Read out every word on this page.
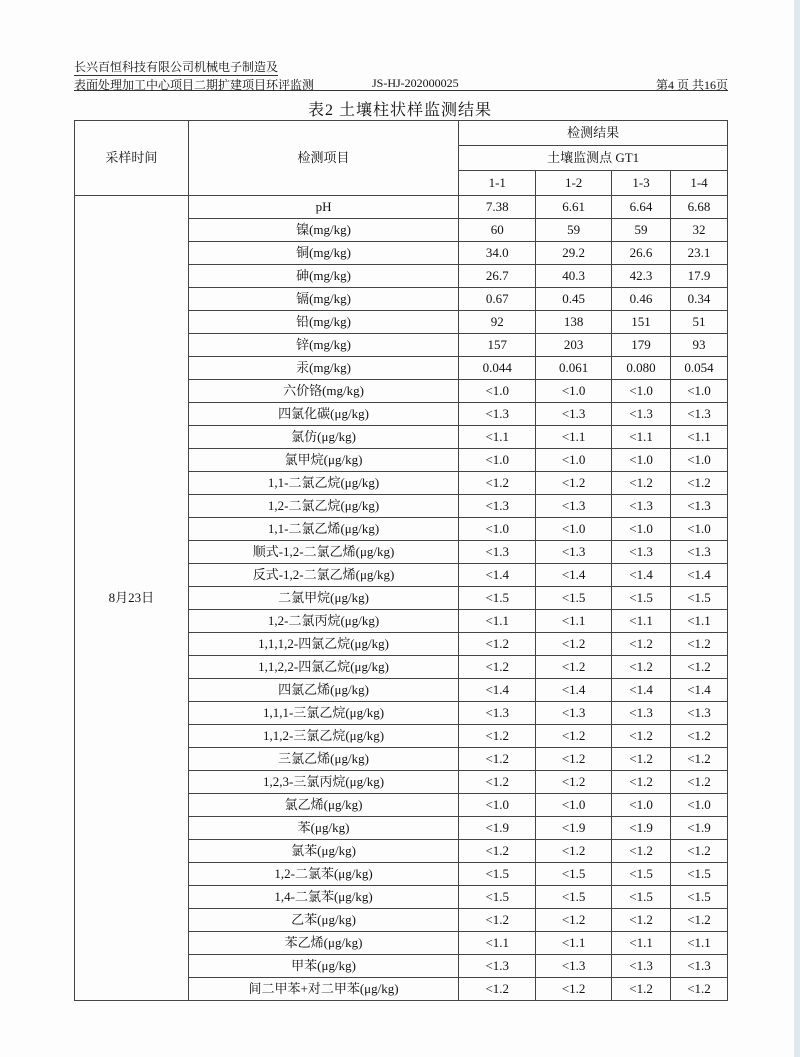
长兴百恒科技有限公司机械电子制造及
表面处理加工中心项目二期扩建项目环评监测	JS-HJ-202000025	第4 页 共16页
表2 土壤柱状样监测结果
采样时间	检测项目	检测结果			
		土壤监测点 GT1			
		1-1	1-2	1-3	1-4
8月23日	pH	7.38	6.61	6.64	6.68
	镍(mg/kg)	60	59	59	32
	铜(mg/kg)	34.0	29.2	26.6	23.1
	砷(mg/kg)	26.7	40.3	42.3	17.9
	镉(mg/kg)	0.67	0.45	0.46	0.34
	铅(mg/kg)	92	138	151	51
	锌(mg/kg)	157	203	179	93
	汞(mg/kg)	0.044	0.061	0.080	0.054
	六价铬(mg/kg)	<1.0	<1.0	<1.0	<1.0
	四氯化碳(μg/kg)	<1.3	<1.3	<1.3	<1.3
	氯仿(μg/kg)	<1.1	<1.1	<1.1	<1.1
	氯甲烷(μg/kg)	<1.0	<1.0	<1.0	<1.0
	1,1-二氯乙烷(μg/kg)	<1.2	<1.2	<1.2	<1.2
	1,2-二氯乙烷(μg/kg)	<1.3	<1.3	<1.3	<1.3
	1,1-二氯乙烯(μg/kg)	<1.0	<1.0	<1.0	<1.0
	顺式-1,2-二氯乙烯(μg/kg)	<1.3	<1.3	<1.3	<1.3
	反式-1,2-二氯乙烯(μg/kg)	<1.4	<1.4	<1.4	<1.4
	二氯甲烷(μg/kg)	<1.5	<1.5	<1.5	<1.5
	1,2-二氯丙烷(μg/kg)	<1.1	<1.1	<1.1	<1.1
	1,1,1,2-四氯乙烷(μg/kg)	<1.2	<1.2	<1.2	<1.2
	1,1,2,2-四氯乙烷(μg/kg)	<1.2	<1.2	<1.2	<1.2
	四氯乙烯(μg/kg)	<1.4	<1.4	<1.4	<1.4
	1,1,1-三氯乙烷(μg/kg)	<1.3	<1.3	<1.3	<1.3
	1,1,2-三氯乙烷(μg/kg)	<1.2	<1.2	<1.2	<1.2
	三氯乙烯(μg/kg)	<1.2	<1.2	<1.2	<1.2
	1,2,3-三氯丙烷(μg/kg)	<1.2	<1.2	<1.2	<1.2
	氯乙烯(μg/kg)	<1.0	<1.0	<1.0	<1.0
	苯(μg/kg)	<1.9	<1.9	<1.9	<1.9
	氯苯(μg/kg)	<1.2	<1.2	<1.2	<1.2
	1,2-二氯苯(μg/kg)	<1.5	<1.5	<1.5	<1.5
	1,4-二氯苯(μg/kg)	<1.5	<1.5	<1.5	<1.5
	乙苯(μg/kg)	<1.2	<1.2	<1.2	<1.2
	苯乙烯(μg/kg)	<1.1	<1.1	<1.1	<1.1
	甲苯(μg/kg)	<1.3	<1.3	<1.3	<1.3
	间二甲苯+对二甲苯(μg/kg)	<1.2	<1.2	<1.2	<1.2
